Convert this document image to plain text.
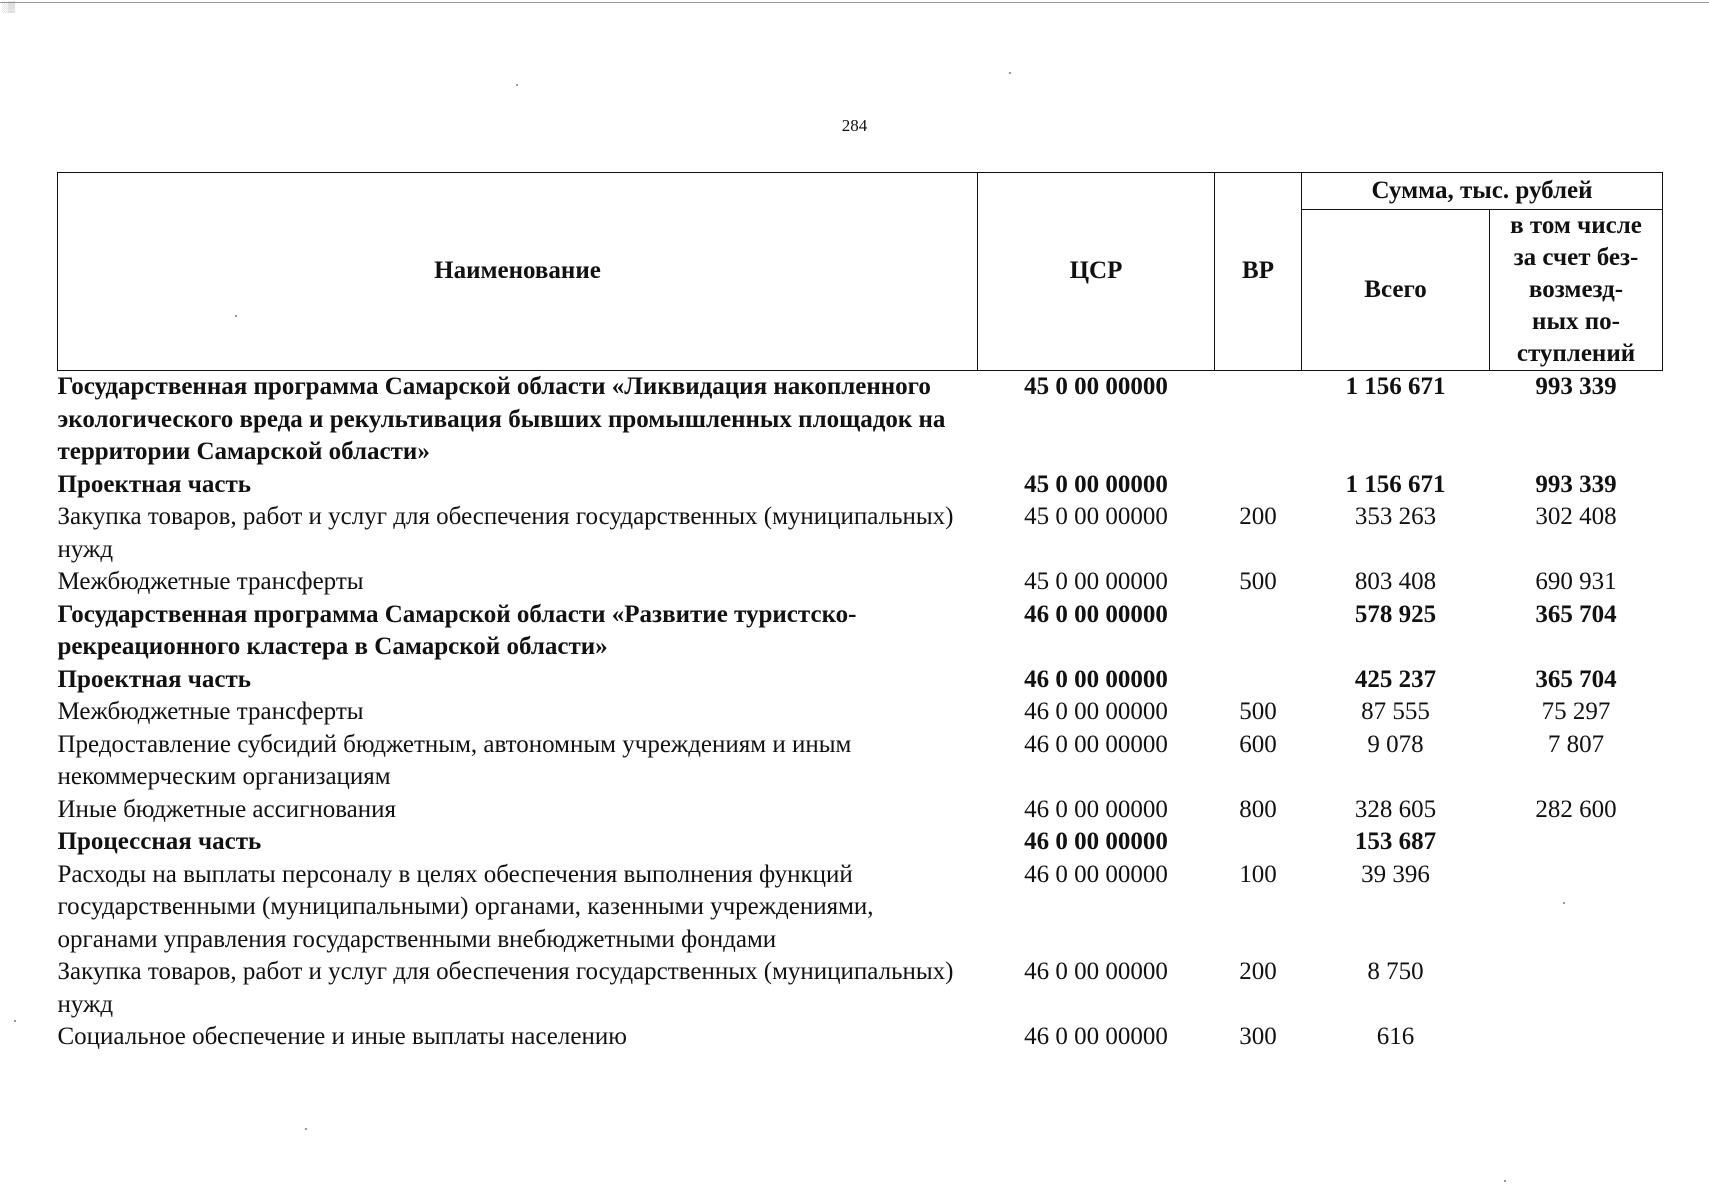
░▒
284
Наименование	ЦСР	ВР	Сумма, тыс. рублей	
			Всего	в том числе
за счет без-
возмезд-
ных по-
ступлений
Государственная программа Самарской области «Ликвидация накопленного экологического вреда и рекультивация бывших промышленных площадок на территории Самарской области»	45 0 00 00000		1 156 671	993 339
Проектная часть	45 0 00 00000		1 156 671	993 339
Закупка товаров, работ и услуг для обеспечения государственных (муниципальных) нужд	45 0 00 00000	200	353 263	302 408
Межбюджетные трансферты	45 0 00 00000	500	803 408	690 931
Государственная программа Самарской области «Развитие туристско-рекреационного кластера в Самарской области»	46 0 00 00000		578 925	365 704
Проектная часть	46 0 00 00000		425 237	365 704
Межбюджетные трансферты	46 0 00 00000	500	87 555	75 297
Предоставление субсидий бюджетным, автономным учреждениям и иным некоммерческим организациям	46 0 00 00000	600	9 078	7 807
Иные бюджетные ассигнования	46 0 00 00000	800	328 605	282 600
Процессная часть	46 0 00 00000		153 687	
Расходы на выплаты персоналу в целях обеспечения выполнения функций государственными (муниципальными) органами, казенными учреждениями, органами управления государственными внебюджетными фондами	46 0 00 00000	100	39 396	
Закупка товаров, работ и услуг для обеспечения государственных (муниципальных) нужд	46 0 00 00000	200	8 750	
Социальное обеспечение и иные выплаты населению	46 0 00 00000	300	616	
